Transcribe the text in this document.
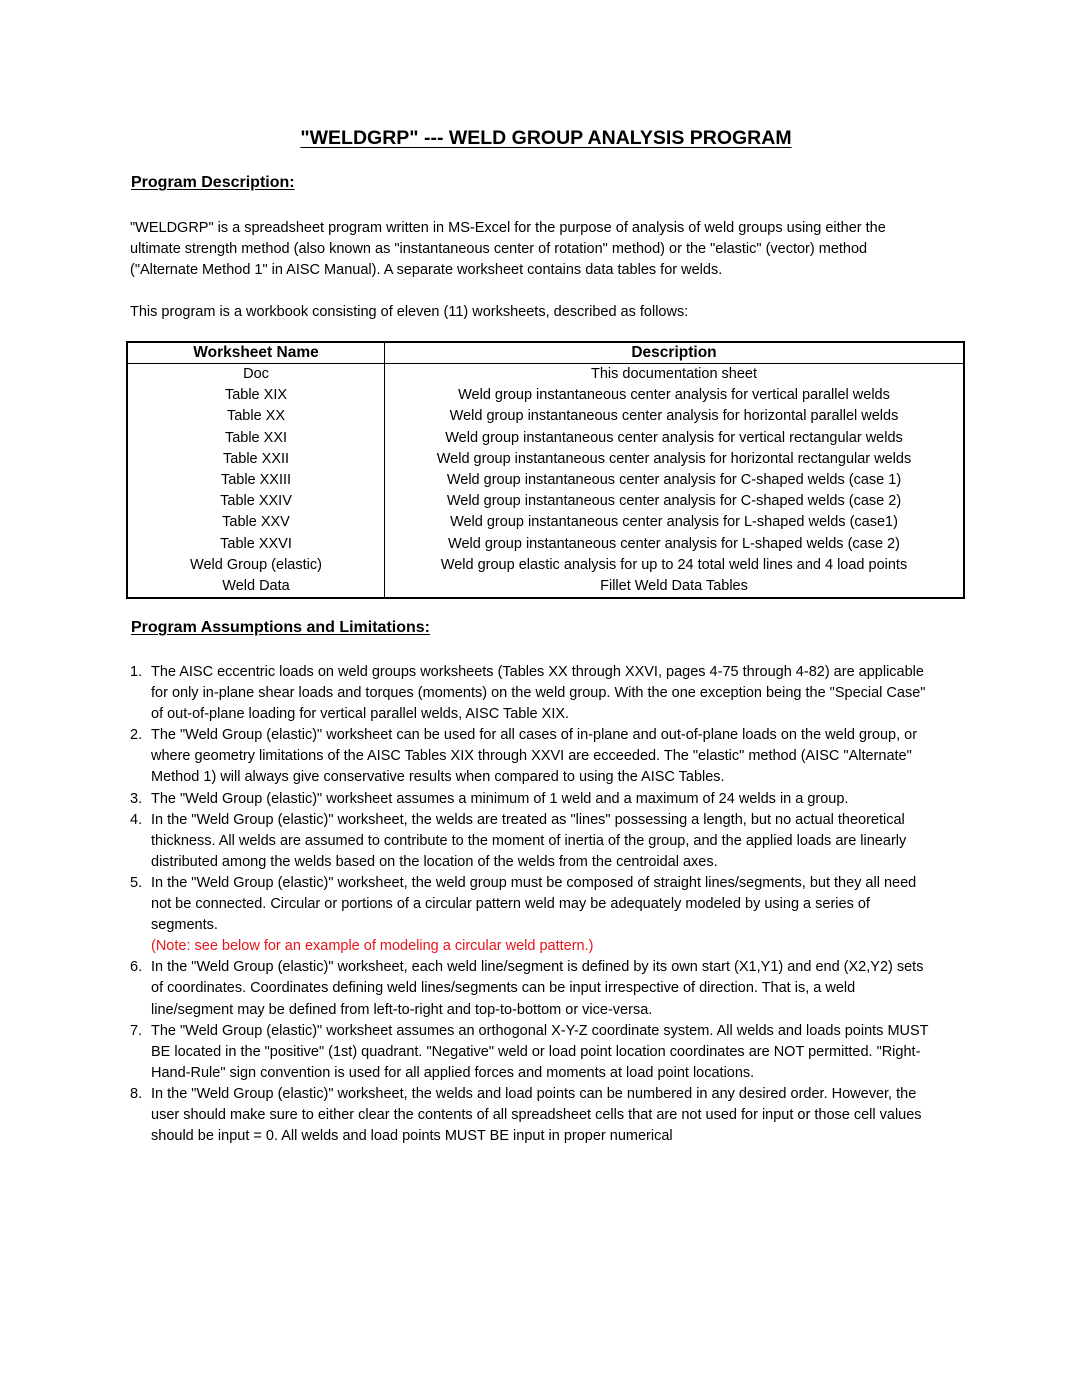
"WELDGRP" --- WELD GROUP ANALYSIS PROGRAM
Program Description:
"WELDGRP" is a spreadsheet program written in MS-Excel for the purpose of analysis of weld groups using either the ultimate strength method (also known as "instantaneous center of rotation" method) or the "elastic" (vector) method ("Alternate Method 1" in AISC Manual). A separate worksheet contains data tables for welds.
This program is a workbook consisting of eleven (11) worksheets, described as follows:
Worksheet Name	Description
Doc	This documentation sheet
Table XIX	Weld group instantaneous center analysis for vertical parallel welds
Table XX	Weld group instantaneous center analysis for horizontal parallel welds
Table XXI	Weld group instantaneous center analysis for vertical rectangular welds
Table XXII	Weld group instantaneous center analysis for horizontal rectangular welds
Table XXIII	Weld group instantaneous center analysis for C-shaped welds (case 1)
Table XXIV	Weld group instantaneous center analysis for C-shaped welds (case 2)
Table XXV	Weld group instantaneous center analysis for L-shaped welds (case1)
Table XXVI	Weld group instantaneous center analysis for L-shaped welds (case 2)
Weld Group (elastic)	Weld group elastic analysis for up to 24 total weld lines and 4 load points
Weld Data	Fillet Weld Data Tables
Program Assumptions and Limitations:
1. The AISC eccentric loads on weld groups worksheets (Tables XX through XXVI, pages 4-75 through 4-82) are applicable for only in-plane shear loads and torques (moments) on the weld group. With the one exception being the "Special Case" of out-of-plane loading for vertical parallel welds, AISC Table XIX.
2. The "Weld Group (elastic)" worksheet can be used for all cases of in-plane and out-of-plane loads on the weld group, or where geometry limitations of the AISC Tables XIX through XXVI are ecceeded. The "elastic" method (AISC "Alternate" Method 1) will always give conservative results when compared to using the AISC Tables.
3. The "Weld Group (elastic)" worksheet assumes a minimum of 1 weld and a maximum of 24 welds in a group.
4. In the "Weld Group (elastic)" worksheet, the welds are treated as "lines" possessing a length, but no actual theoretical thickness. All welds are assumed to contribute to the moment of inertia of the group, and the applied loads are linearly distributed among the welds based on the location of the welds from the centroidal axes.
5. In the "Weld Group (elastic)" worksheet, the weld group must be composed of straight lines/segments, but they all need not be connected. Circular or portions of a circular pattern weld may be adequately modeled by using a series of segments.
(Note: see below for an example of modeling a circular weld pattern.)
6. In the "Weld Group (elastic)" worksheet, each weld line/segment is defined by its own start (X1,Y1) and end (X2,Y2) sets of coordinates. Coordinates defining weld lines/segments can be input irrespective of direction. That is, a weld line/segment may be defined from left-to-right and top-to-bottom or vice-versa.
7. The "Weld Group (elastic)" worksheet assumes an orthogonal X-Y-Z coordinate system. All welds and loads points MUST BE located in the "positive" (1st) quadrant. "Negative" weld or load point location coordinates are NOT permitted. "Right-Hand-Rule" sign convention is used for all applied forces and moments at load point locations.
8. In the "Weld Group (elastic)" worksheet, the welds and load points can be numbered in any desired order. However, the user should make sure to either clear the contents of all spreadsheet cells that are not used for input or those cell values should be input = 0. All welds and load points MUST BE input in proper numerical
